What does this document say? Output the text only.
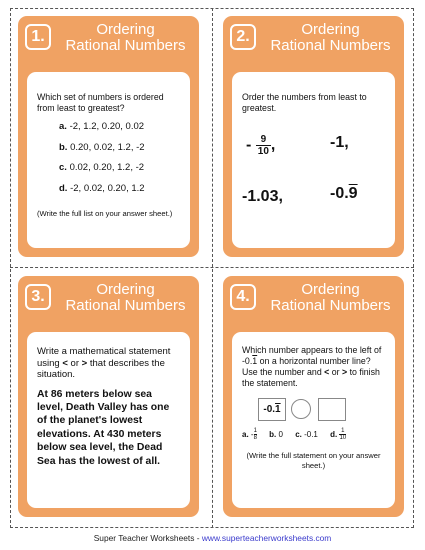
1.	Ordering
Rational Numbers
Which set of numbers is ordered from least to greatest?
a. -2, 1.2, 0.20, 0.02
b. 0.20, 0.02, 1.2, -2
c. 0.02, 0.20, 1.2, -2
d. -2, 0.02, 0.20, 1.2
(Write the full list on your answer sheet.)
2.	Ordering
Rational Numbers
Order the numbers from least to greatest.
- $\frac{9}{10}$ ,	-1,
-1.03,	-0.9
3.	Ordering
Rational Numbers
Write a mathematical statement using < or > that describes the situation.
At 86 meters below sea level, Death Valley has one of the planet's lowest elevations. At 430 meters below sea level, the Dead Sea has the lowest of all.
4.	Ordering
Rational Numbers
Which number appears to the left of -0.1 on a horizontal number line? Use the number and < or > to finish the statement.
-0.1
a. - $\frac{1}{8} b$. 0 c. -0.1 d. $\frac{1}{10}$
(Write the full statement on your answer sheet.)
Super Teacher Worksheets - www.superteacherworksheets.com
